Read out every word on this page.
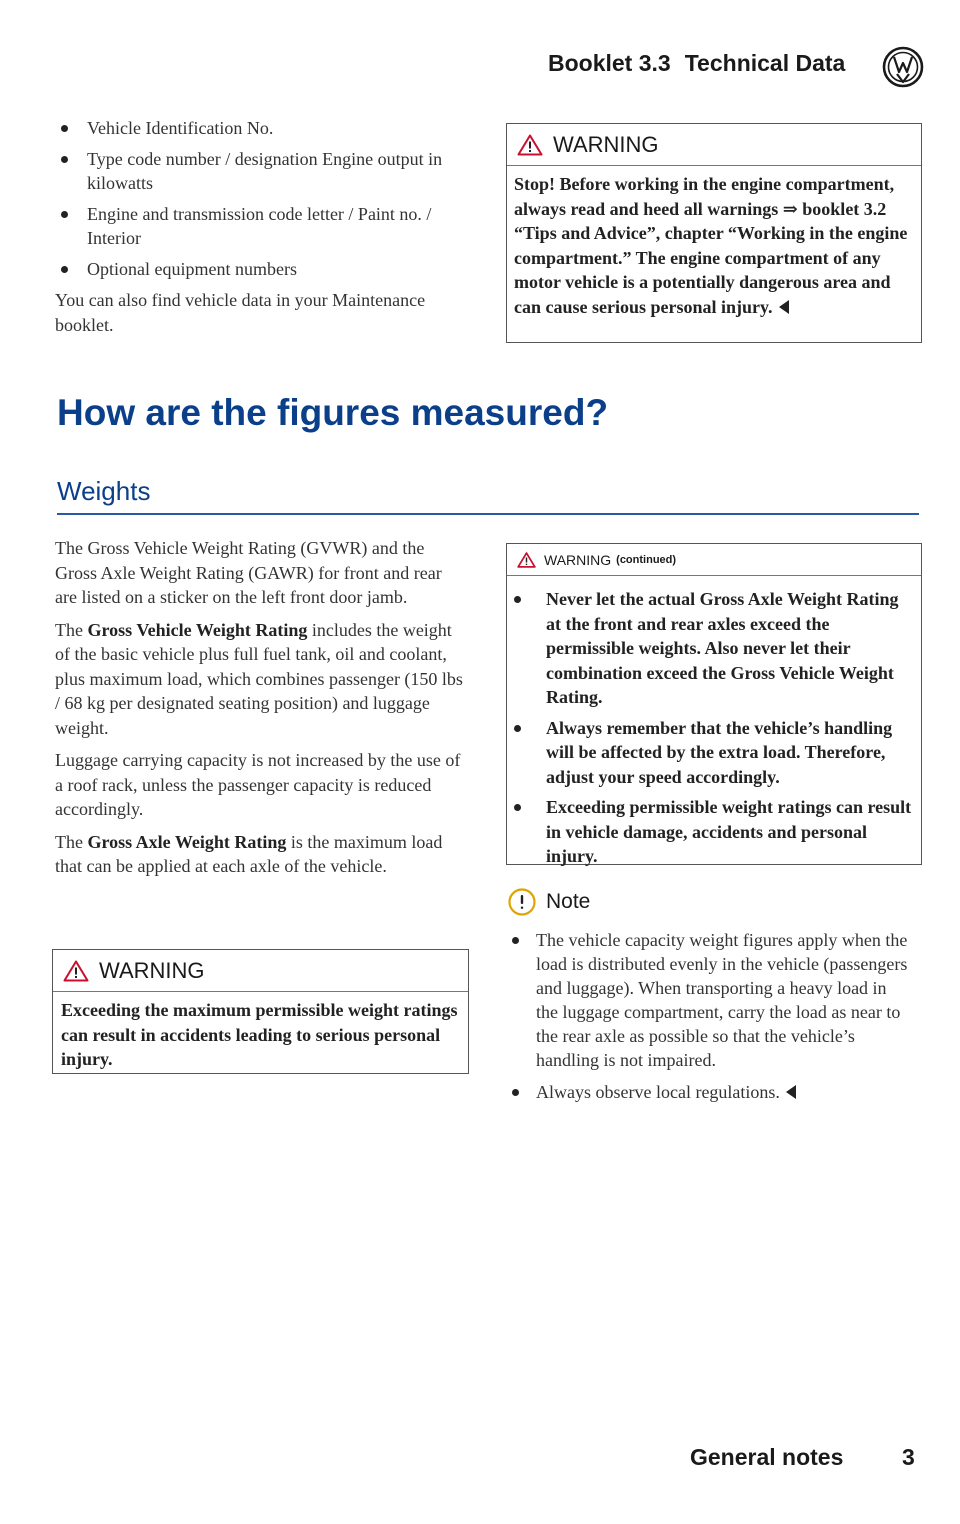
Booklet 3.3 Technical Data
Vehicle Identification No.
Type code number / designation Engine output in kilowatts
Engine and transmission code letter / Paint no. / Interior
Optional equipment numbers
You can also find vehicle data in your Maintenance booklet.
WARNING
Stop! Before working in the engine compartment, always read and heed all warnings ⇒ booklet 3.2 “Tips and Advice”, chapter “Working in the engine compartment.” The engine compartment of any motor vehicle is a potentially dangerous area and can cause serious personal injury.
How are the figures measured?
Weights

The Gross Vehicle Weight Rating (GVWR) and the Gross Axle Weight Rating (GAWR) for front and rear are listed on a sticker on the left front door jamb.

The Gross Vehicle Weight Rating includes the weight of the basic vehicle plus full fuel tank, oil and coolant, plus maximum load, which combines passenger (150 lbs / 68 kg per designated seating position) and luggage weight.

Luggage carrying capacity is not increased by the use of a roof rack, unless the passenger capacity is reduced accordingly.

The Gross Axle Weight Rating is the maximum load that can be applied at each axle of the vehicle.

WARNING
Exceeding the maximum permissible weight ratings can result in accidents leading to serious personal injury.
WARNING (continued)
Never let the actual Gross Axle Weight Rating at the front and rear axles exceed the permissible weights. Also never let their combination exceed the Gross Vehicle Weight Rating.
Always remember that the vehicle’s handling will be affected by the extra load. Therefore, adjust your speed accordingly.
Exceeding permissible weight ratings can result in vehicle damage, accidents and personal injury.
Note
The vehicle capacity weight figures apply when the load is distributed evenly in the vehicle (passengers and luggage). When transporting a heavy load in the luggage compartment, carry the load as near to the rear axle as possible so that the vehicle’s handling is not impaired.
Always observe local regulations.
General notes	3
